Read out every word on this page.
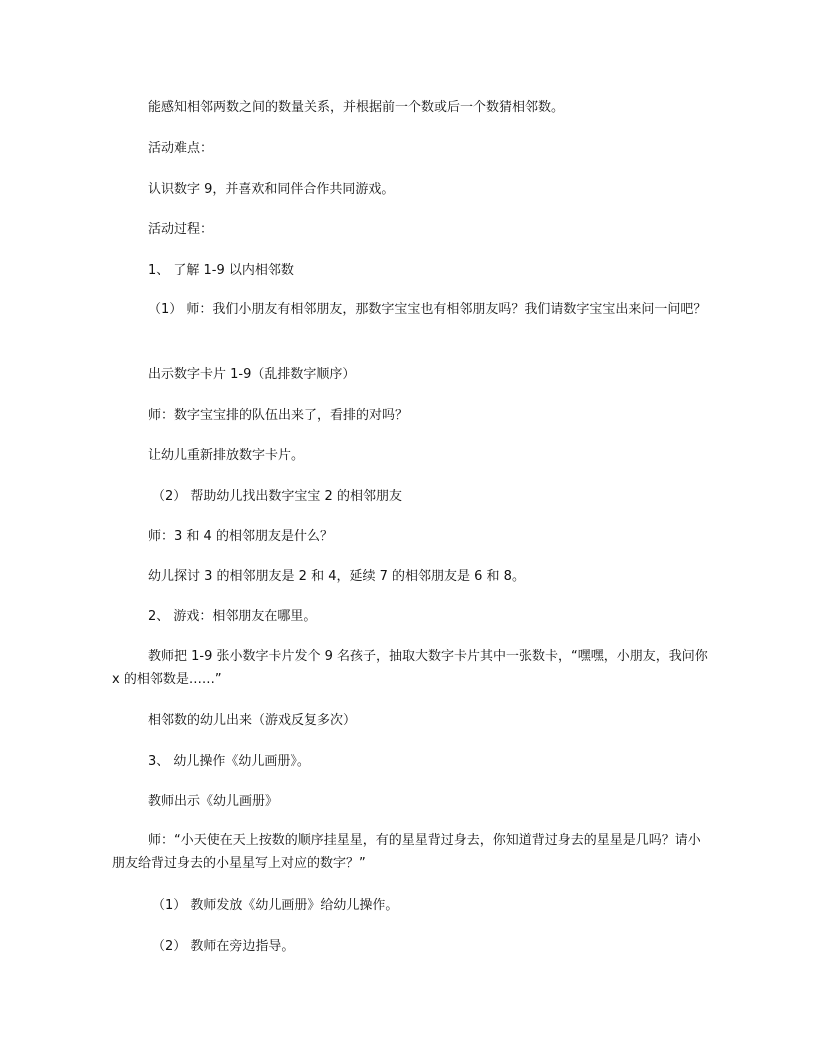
能感知相邻两数之间的数量关系，并根据前一个数或后一个数猜相邻数。

活动难点：

认识数字 9，并喜欢和同伴合作共同游戏。

活动过程：

1、 了解 1-9 以内相邻数

（1） 师：我们小朋友有相邻朋友，那数字宝宝也有相邻朋友吗？我们请数字宝宝出来问一问吧？

出示数字卡片 1-9（乱排数字顺序）

师：数字宝宝排的队伍出来了，看排的对吗？

让幼儿重新排放数字卡片。

（2） 帮助幼儿找出数字宝宝 2 的相邻朋友

师：3 和 4 的相邻朋友是什么？

幼儿探讨 3 的相邻朋友是 2 和 4，延续 7 的相邻朋友是 6 和 8。

2、 游戏：相邻朋友在哪里。

教师把 1-9 张小数字卡片发个 9 名孩子，抽取大数字卡片其中一张数卡，“嘿嘿，小朋友，我问你 x 的相邻数是……”

相邻数的幼儿出来（游戏反复多次）

3、 幼儿操作《幼儿画册》。

教师出示《幼儿画册》

师：“小天使在天上按数的顺序挂星星，有的星星背过身去，你知道背过身去的星星是几吗？请小朋友给背过身去的小星星写上对应的数字？”

（1） 教师发放《幼儿画册》给幼儿操作。

（2） 教师在旁边指导。
